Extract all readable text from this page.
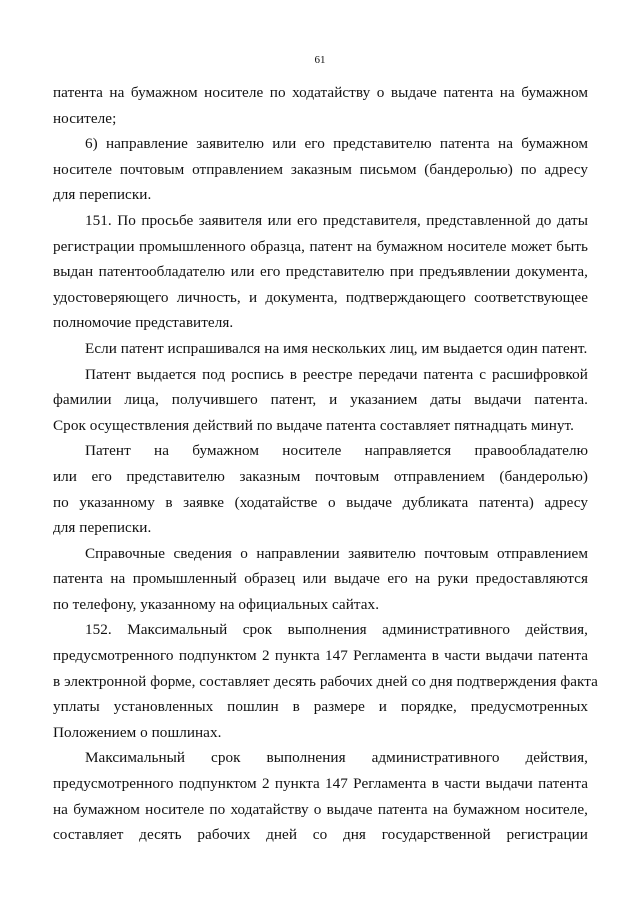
61
патента на бумажном носителе по ходатайству о выдаче патента на бумажном
носителе;
6) направление заявителю или его представителю патента на бумажном
носителе почтовым отправлением заказным письмом (бандеролью) по адресу
для переписки.
151. По просьбе заявителя или его представителя, представленной до даты
регистрации промышленного образца, патент на бумажном носителе может быть
выдан патентообладателю или его представителю при предъявлении документа,
удостоверяющего личность, и документа, подтверждающего соответствующее
полномочие представителя.
Если патент испрашивался на имя нескольких лиц, им выдается один патент.
Патент выдается под роспись в реестре передачи патента с расшифровкой
фамилии лица, получившего патент, и указанием даты выдачи патента.
Срок осуществления действий по выдаче патента составляет пятнадцать минут.
Патент на бумажном носителе направляется правообладателю
или его представителю заказным почтовым отправлением (бандеролью)
по указанному в заявке (ходатайстве о выдаче дубликата патента) адресу
для переписки.
Справочные сведения о направлении заявителю почтовым отправлением
патента на промышленный образец или выдаче его на руки предоставляются
по телефону, указанному на официальных сайтах.
152. Максимальный срок выполнения административного действия,
предусмотренного подпунктом 2 пункта 147 Регламента в части выдачи патента
в электронной форме, составляет десять рабочих дней со дня подтверждения факта
уплаты установленных пошлин в размере и порядке, предусмотренных
Положением о пошлинах.
Максимальный срок выполнения административного действия,
предусмотренного подпунктом 2 пункта 147 Регламента в части выдачи патента
на бумажном носителе по ходатайству о выдаче патента на бумажном носителе,
составляет десять рабочих дней со дня государственной регистрации
